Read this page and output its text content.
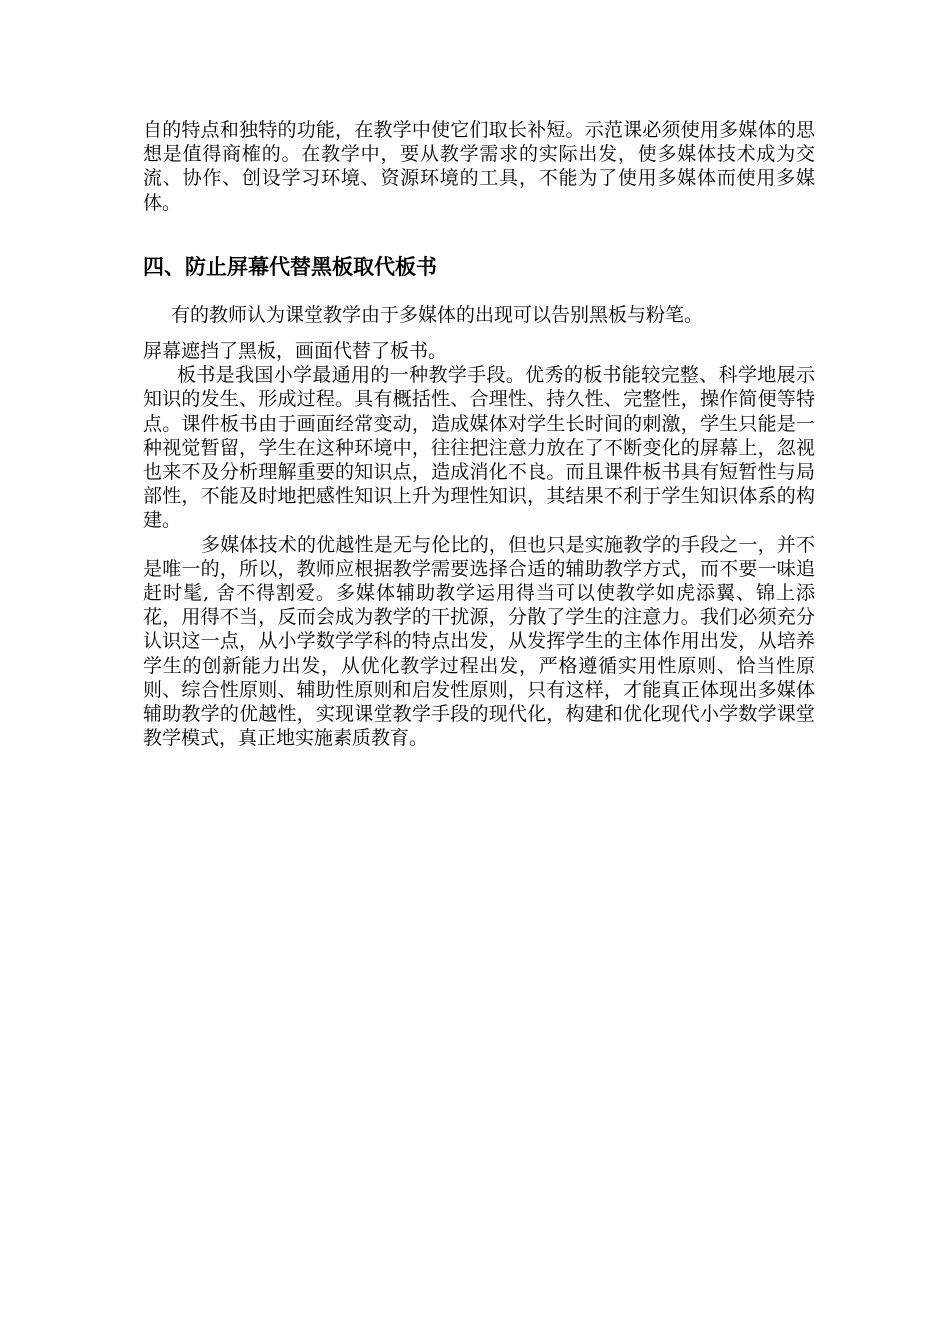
自的特点和独特的功能，在教学中使它们取长补短。示范课必须使用多媒体的思想是值得商榷的。在教学中，要从教学需求的实际出发，使多媒体技术成为交流、协作、创设学习环境、资源环境的工具，不能为了使用多媒体而使用多媒体。

四、防止屏幕代替黑板取代板书

有的教师认为课堂教学由于多媒体的出现可以告别黑板与粉笔。

屏幕遮挡了黑板，画面代替了板书。

板书是我国小学最通用的一种教学手段。优秀的板书能较完整、科学地展示知识的发生、形成过程。具有概括性、合理性、持久性、完整性，操作简便等特点。课件板书由于画面经常变动，造成媒体对学生长时间的刺激，学生只能是一种视觉暂留，学生在这种环境中，往往把注意力放在了不断变化的屏幕上，忽视也来不及分析理解重要的知识点，造成消化不良。而且课件板书具有短暂性与局部性，不能及时地把感性知识上升为理性知识，其结果不利于学生知识体系的构建。

多媒体技术的优越性是无与伦比的，但也只是实施教学的手段之一，并不是唯一的，所以，教师应根据教学需要选择合适的辅助教学方式，而不要一味追赶时髦, 舍不得割爱。多媒体辅助教学运用得当可以使教学如虎添翼、锦上添花，用得不当，反而会成为教学的干扰源，分散了学生的注意力。我们必须充分认识这一点，从小学数学学科的特点出发，从发挥学生的主体作用出发，从培养学生的创新能力出发，从优化教学过程出发，严格遵循实用性原则、恰当性原则、综合性原则、辅助性原则和启发性原则，只有这样，才能真正体现出多媒体辅助教学的优越性，实现课堂教学手段的现代化，构建和优化现代小学数学课堂教学模式，真正地实施素质教育。
